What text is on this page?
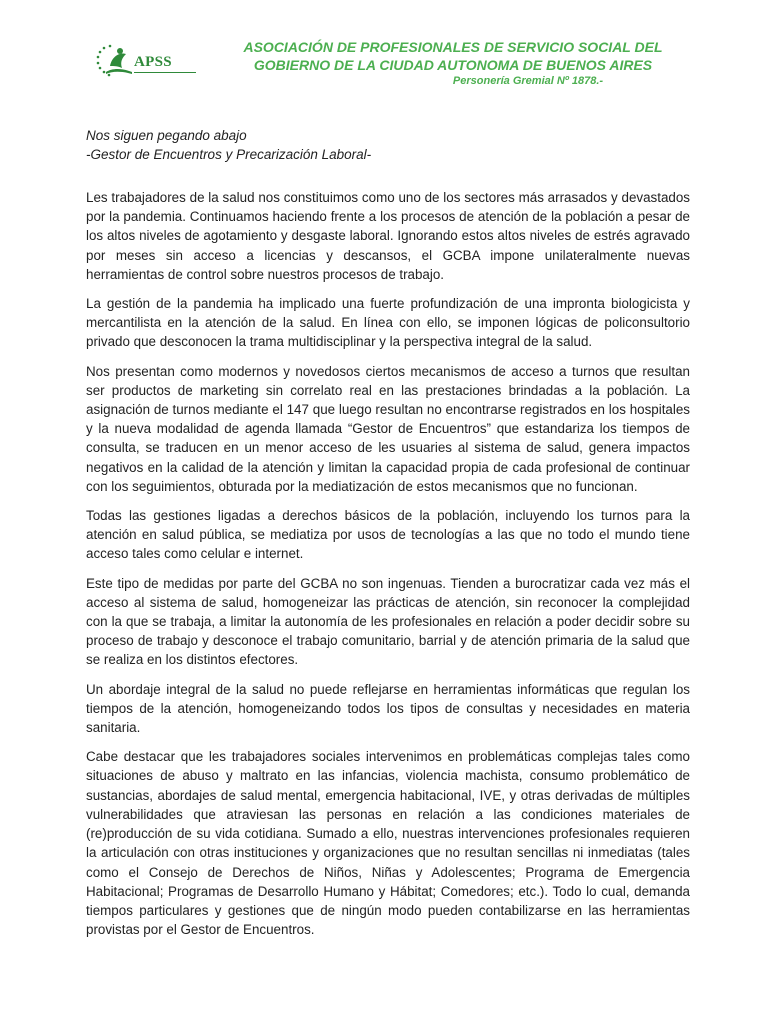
APSS
ASOCIACIÓN DE PROFESIONALES DE SERVICIO SOCIAL DEL
GOBIERNO DE LA CIUDAD AUTONOMA DE BUENOS AIRES
Personería Gremial Nº 1878.-
Nos siguen pegando abajo
-Gestor de Encuentros y Precarización Laboral-

Les trabajadores de la salud nos constituimos como uno de los sectores más arrasados y devastados por la pandemia. Continuamos haciendo frente a los procesos de atención de la población a pesar de los altos niveles de agotamiento y desgaste laboral. Ignorando estos altos niveles de estrés agravado por meses sin acceso a licencias y descansos, el GCBA impone unilateralmente nuevas herramientas de control sobre nuestros procesos de trabajo.

La gestión de la pandemia ha implicado una fuerte profundización de una impronta biologicista y mercantilista en la atención de la salud. En línea con ello, se imponen lógicas de policonsultorio privado que desconocen la trama multidisciplinar y la perspectiva integral de la salud.

Nos presentan como modernos y novedosos ciertos mecanismos de acceso a turnos que resultan ser productos de marketing sin correlato real en las prestaciones brindadas a la población. La asignación de turnos mediante el 147 que luego resultan no encontrarse registrados en los hospitales y la nueva modalidad de agenda llamada “Gestor de Encuentros” que estandariza los tiempos de consulta, se traducen en un menor acceso de les usuaries al sistema de salud, genera impactos negativos en la calidad de la atención y limitan la capacidad propia de cada profesional de continuar con los seguimientos, obturada por la mediatización de estos mecanismos que no funcionan.

Todas las gestiones ligadas a derechos básicos de la población, incluyendo los turnos para la atención en salud pública, se mediatiza por usos de tecnologías a las que no todo el mundo tiene acceso tales como celular e internet.

Este tipo de medidas por parte del GCBA no son ingenuas. Tienden a burocratizar cada vez más el acceso al sistema de salud, homogeneizar las prácticas de atención, sin reconocer la complejidad con la que se trabaja, a limitar la autonomía de les profesionales en relación a poder decidir sobre su proceso de trabajo y desconoce el trabajo comunitario, barrial y de atención primaria de la salud que se realiza en los distintos efectores.

Un abordaje integral de la salud no puede reflejarse en herramientas informáticas que regulan los tiempos de la atención, homogeneizando todos los tipos de consultas y necesidades en materia sanitaria.

Cabe destacar que les trabajadores sociales intervenimos en problemáticas complejas tales como situaciones de abuso y maltrato en las infancias, violencia machista, consumo problemático de sustancias, abordajes de salud mental, emergencia habitacional, IVE, y otras derivadas de múltiples vulnerabilidades que atraviesan las personas en relación a las condiciones materiales de (re)producción de su vida cotidiana. Sumado a ello, nuestras intervenciones profesionales requieren la articulación con otras instituciones y organizaciones que no resultan sencillas ni inmediatas (tales como el Consejo de Derechos de Niños, Niñas y Adolescentes; Programa de Emergencia Habitacional; Programas de Desarrollo Humano y Hábitat; Comedores; etc.). Todo lo cual, demanda tiempos particulares y gestiones que de ningún modo pueden contabilizarse en las herramientas provistas por el Gestor de Encuentros.
